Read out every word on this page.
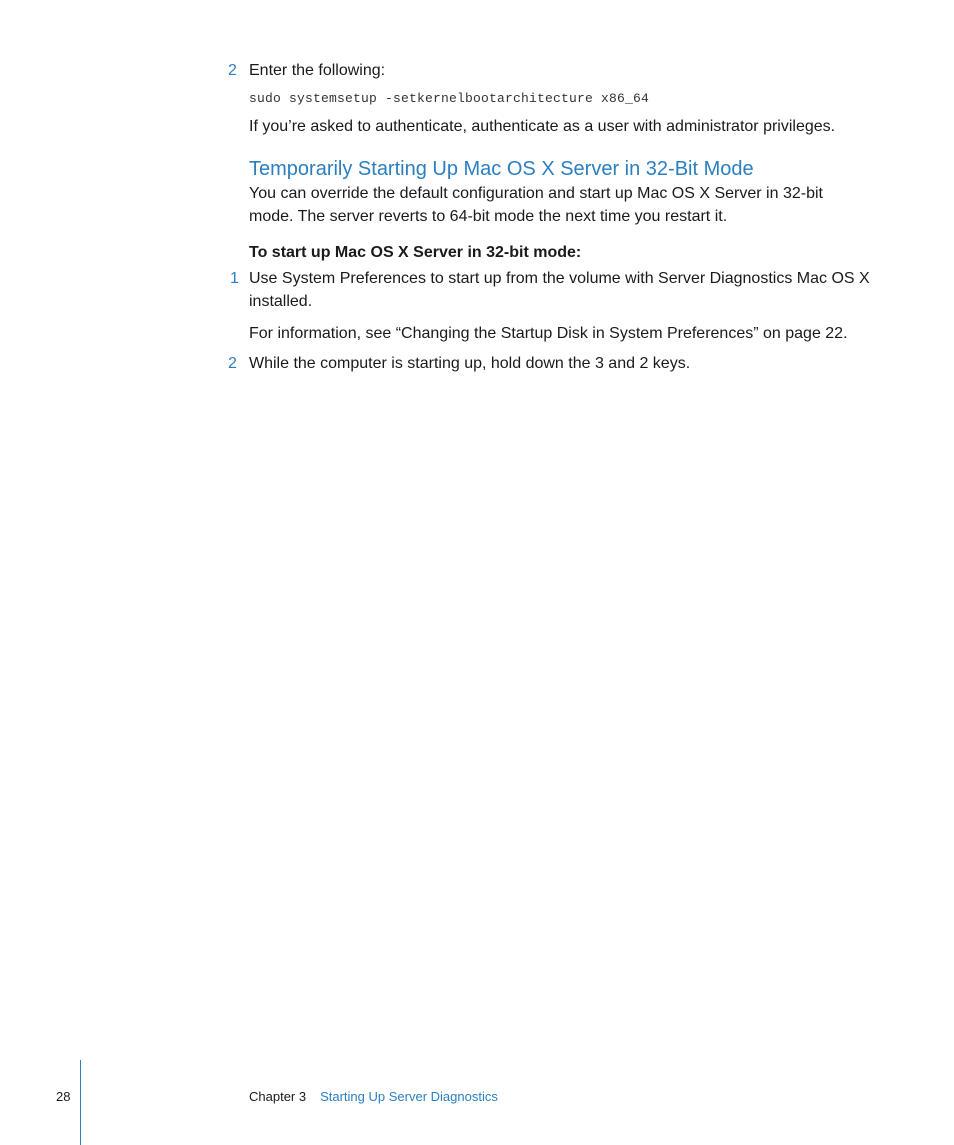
2 Enter the following:
sudo systemsetup -setkernelbootarchitecture x86_64
If you’re asked to authenticate, authenticate as a user with administrator privileges.
Temporarily Starting Up Mac OS X Server in 32-Bit Mode
You can override the default configuration and start up Mac OS X Server in 32-bit mode. The server reverts to 64-bit mode the next time you restart it.
To start up Mac OS X Server in 32-bit mode:
1 Use System Preferences to start up from the volume with Server Diagnostics Mac OS X installed.
For information, see “Changing the Startup Disk in System Preferences” on page 22.
2 While the computer is starting up, hold down the 3 and 2 keys.
28	Chapter 3 Starting Up Server Diagnostics
